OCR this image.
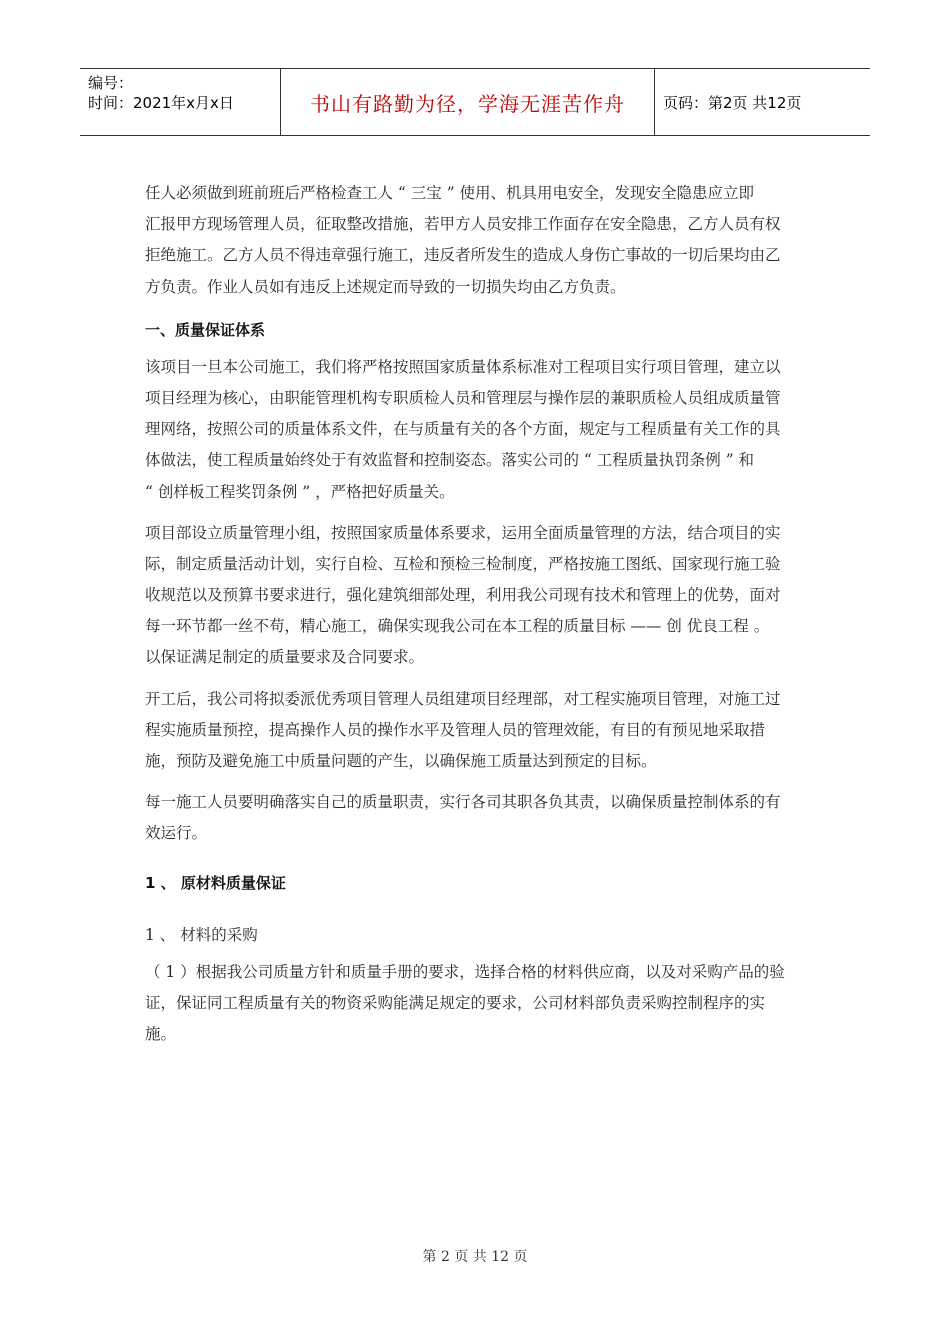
编号：
时间：2021年x月x日	书山有路勤为径，学海无涯苦作舟	页码：第2页 共12页
任人必须做到班前班后严格检查工人 “ 三宝 ” 使用、机具用电安全，发现安全隐患应立即
汇报甲方现场管理人员，征取整改措施，若甲方人员安排工作面存在安全隐患，乙方人员有权
拒绝施工。乙方人员不得违章强行施工，违反者所发生的造成人身伤亡事故的一切后果均由乙
方负责。作业人员如有违反上述规定而导致的一切损失均由乙方负责。
一、质量保证体系
该项目一旦本公司施工，我们将严格按照国家质量体系标准对工程项目实行项目管理，建立以
项目经理为核心，由职能管理机构专职质检人员和管理层与操作层的兼职质检人员组成质量管
理网络，按照公司的质量体系文件，在与质量有关的各个方面，规定与工程质量有关工作的具
体做法，使工程质量始终处于有效监督和控制姿态。落实公司的 “ 工程质量执罚条例 ” 和
“ 创样板工程奖罚条例 ” ，严格把好质量关。
项目部设立质量管理小组，按照国家质量体系要求，运用全面质量管理的方法，结合项目的实
际，制定质量活动计划，实行自检、互检和预检三检制度，严格按施工图纸、国家现行施工验
收规范以及预算书要求进行，强化建筑细部处理，利用我公司现有技术和管理上的优势，面对
每一环节都一丝不苟，精心施工，确保实现我公司在本工程的质量目标 —— 创 优良工程 。
以保证满足制定的质量要求及合同要求。
开工后，我公司将拟委派优秀项目管理人员组建项目经理部，对工程实施项目管理，对施工过
程实施质量预控，提高操作人员的操作水平及管理人员的管理效能，有目的有预见地采取措
施，预防及避免施工中质量问题的产生，以确保施工质量达到预定的目标。
每一施工人员要明确落实自己的质量职责，实行各司其职各负其责，以确保质量控制体系的有
效运行。
1 、 原材料质量保证
1 、 材料的采购
（ 1 ）根据我公司质量方针和质量手册的要求，选择合格的材料供应商，以及对采购产品的验
证，保证同工程质量有关的物资采购能满足规定的要求，公司材料部负责采购控制程序的实
施。
第 2 页 共 12 页
